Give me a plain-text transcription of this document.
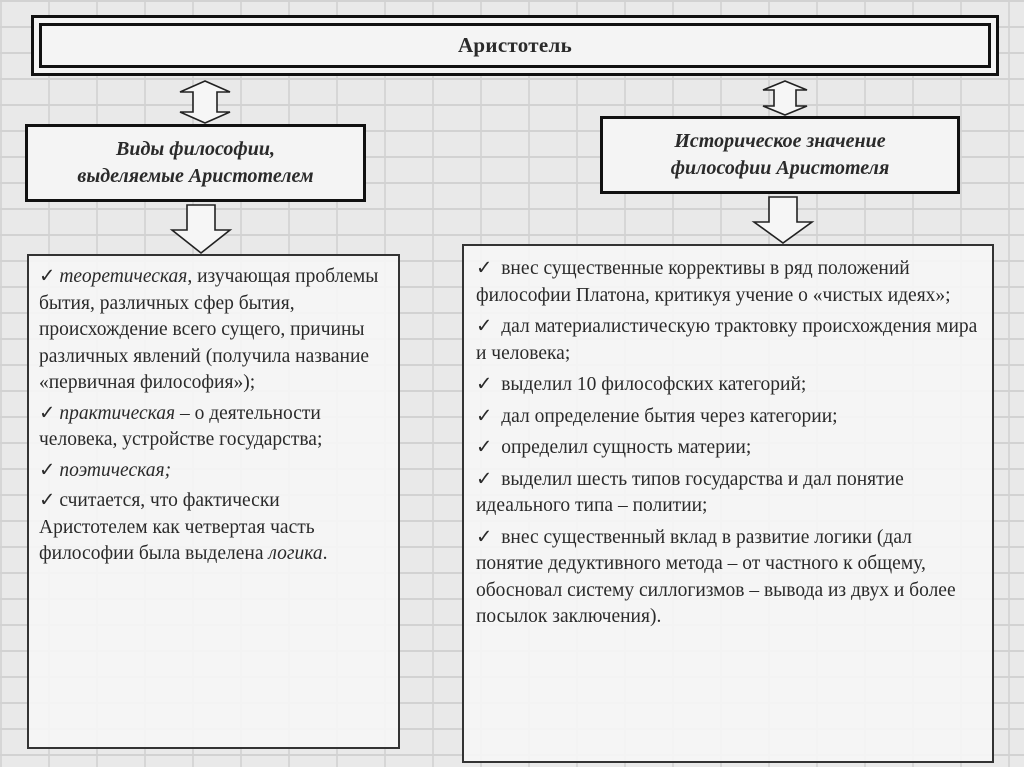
Аристотель
Виды философии,
выделяемые Аристотелем
Историческое значение
философии Аристотеля
✓ теоретическая, изучающая проблемы бытия, различных сфер бытия, происхождение всего сущего, причины различных явлений (получила название «первичная философия»);
✓ практическая – о деятельности человека, устройстве государства;
✓ поэтическая;
✓ считается, что фактически Аристотелем как четвертая часть философии была выделена логика.
✓ внес существенные коррективы в ряд положений философии Платона, критикуя учение о «чистых идеях»;
✓ дал материалистическую трактовку происхождения мира и человека;
✓ выделил 10 философских категорий;
✓ дал определение бытия через категории;
✓ определил сущность материи;
✓ выделил шесть типов государства и дал понятие идеального типа – политии;
✓ внес существенный вклад в развитие логики (дал понятие дедуктивного метода – от частного к общему, обосновал систему силлогизмов – вывода из двух и более посылок заключения).
